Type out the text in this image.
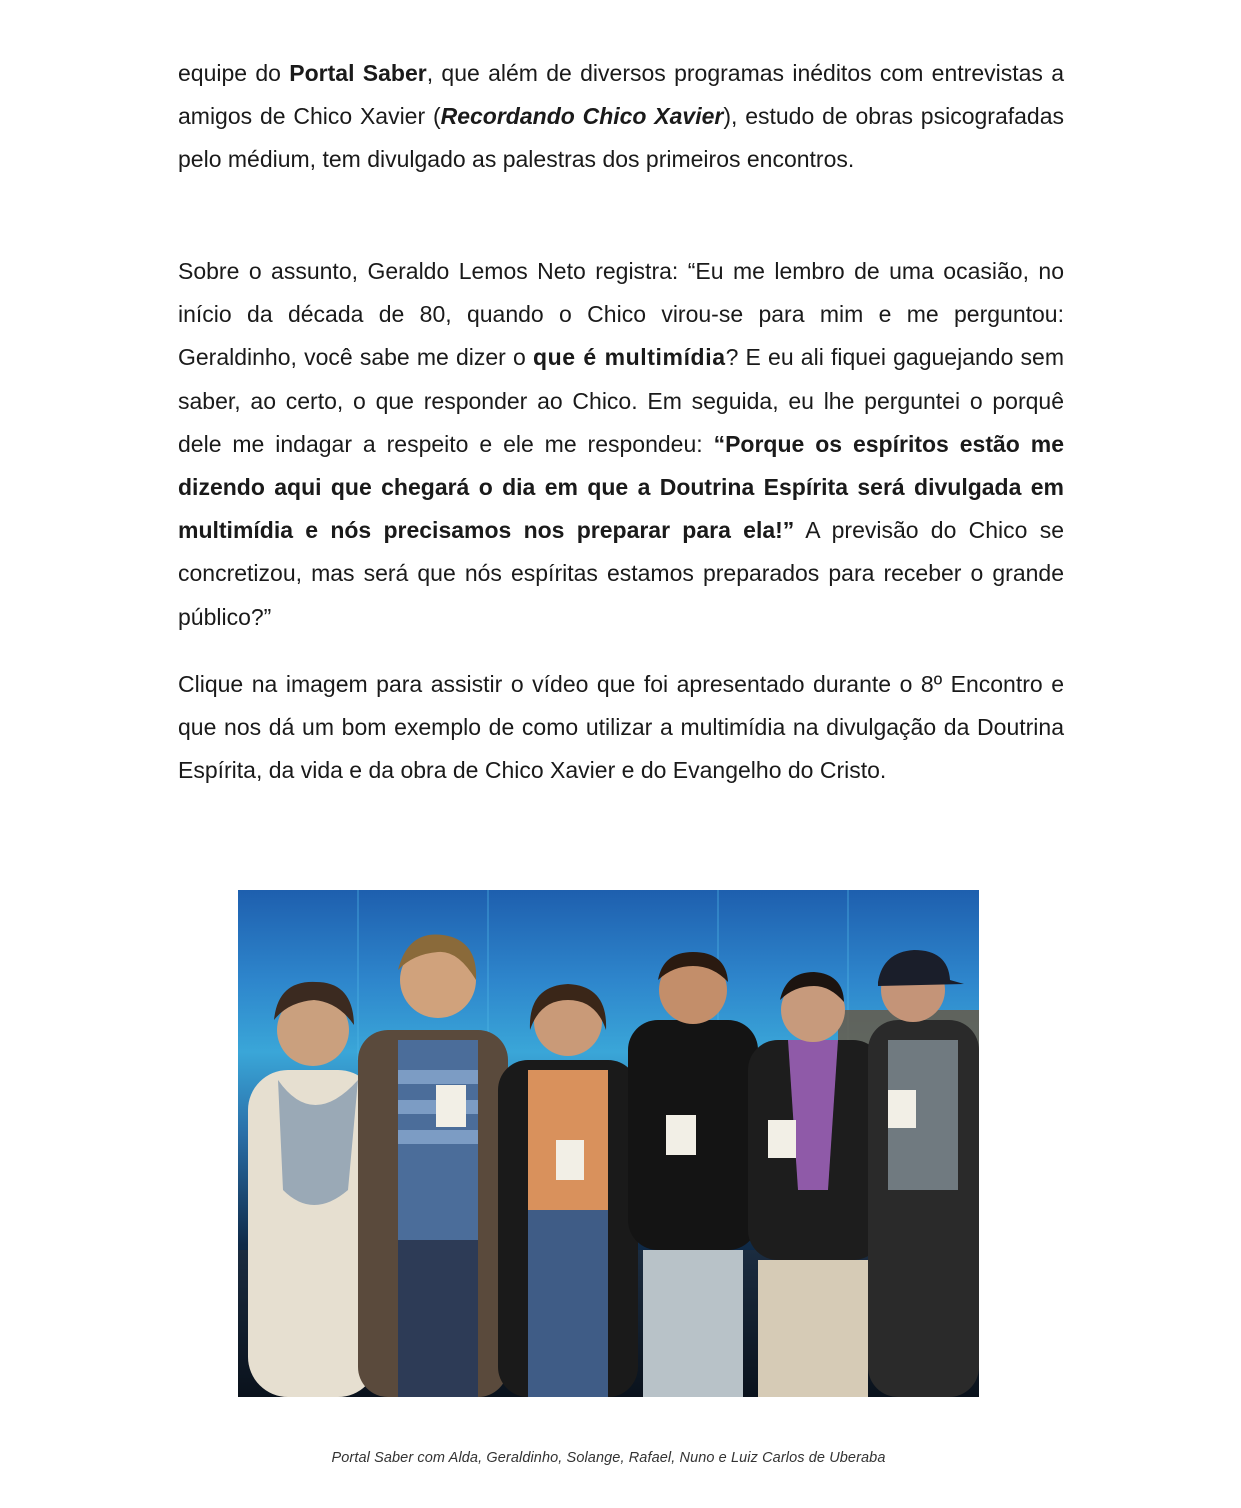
equipe do Portal Saber, que além de diversos programas inéditos com entrevistas a amigos de Chico Xavier (Recordando Chico Xavier), estudo de obras psicografadas pelo médium, tem divulgado as palestras dos primeiros encontros.

Sobre o assunto, Geraldo Lemos Neto registra: “Eu me lembro de uma ocasião, no início da década de 80, quando o Chico virou-se para mim e me perguntou: Geraldinho, você sabe me dizer o que é multimídia? E eu ali fiquei gaguejando sem saber, ao certo, o que responder ao Chico. Em seguida, eu lhe perguntei o porquê dele me indagar a respeito e ele me respondeu: “Porque os espíritos estão me dizendo aqui que chegará o dia em que a Doutrina Espírita será divulgada em multimídia e nós precisamos nos preparar para ela!” A previsão do Chico se concretizou, mas será que nós espíritas estamos preparados para receber o grande público?”

Clique na imagem para assistir o vídeo que foi apresentado durante o 8º Encontro e que nos dá um bom exemplo de como utilizar a multimídia na divulgação da Doutrina Espírita, da vida e da obra de Chico Xavier e do Evangelho do Cristo.

Portal Saber com Alda, Geraldinho, Solange, Rafael, Nuno e Luiz Carlos de Uberaba
